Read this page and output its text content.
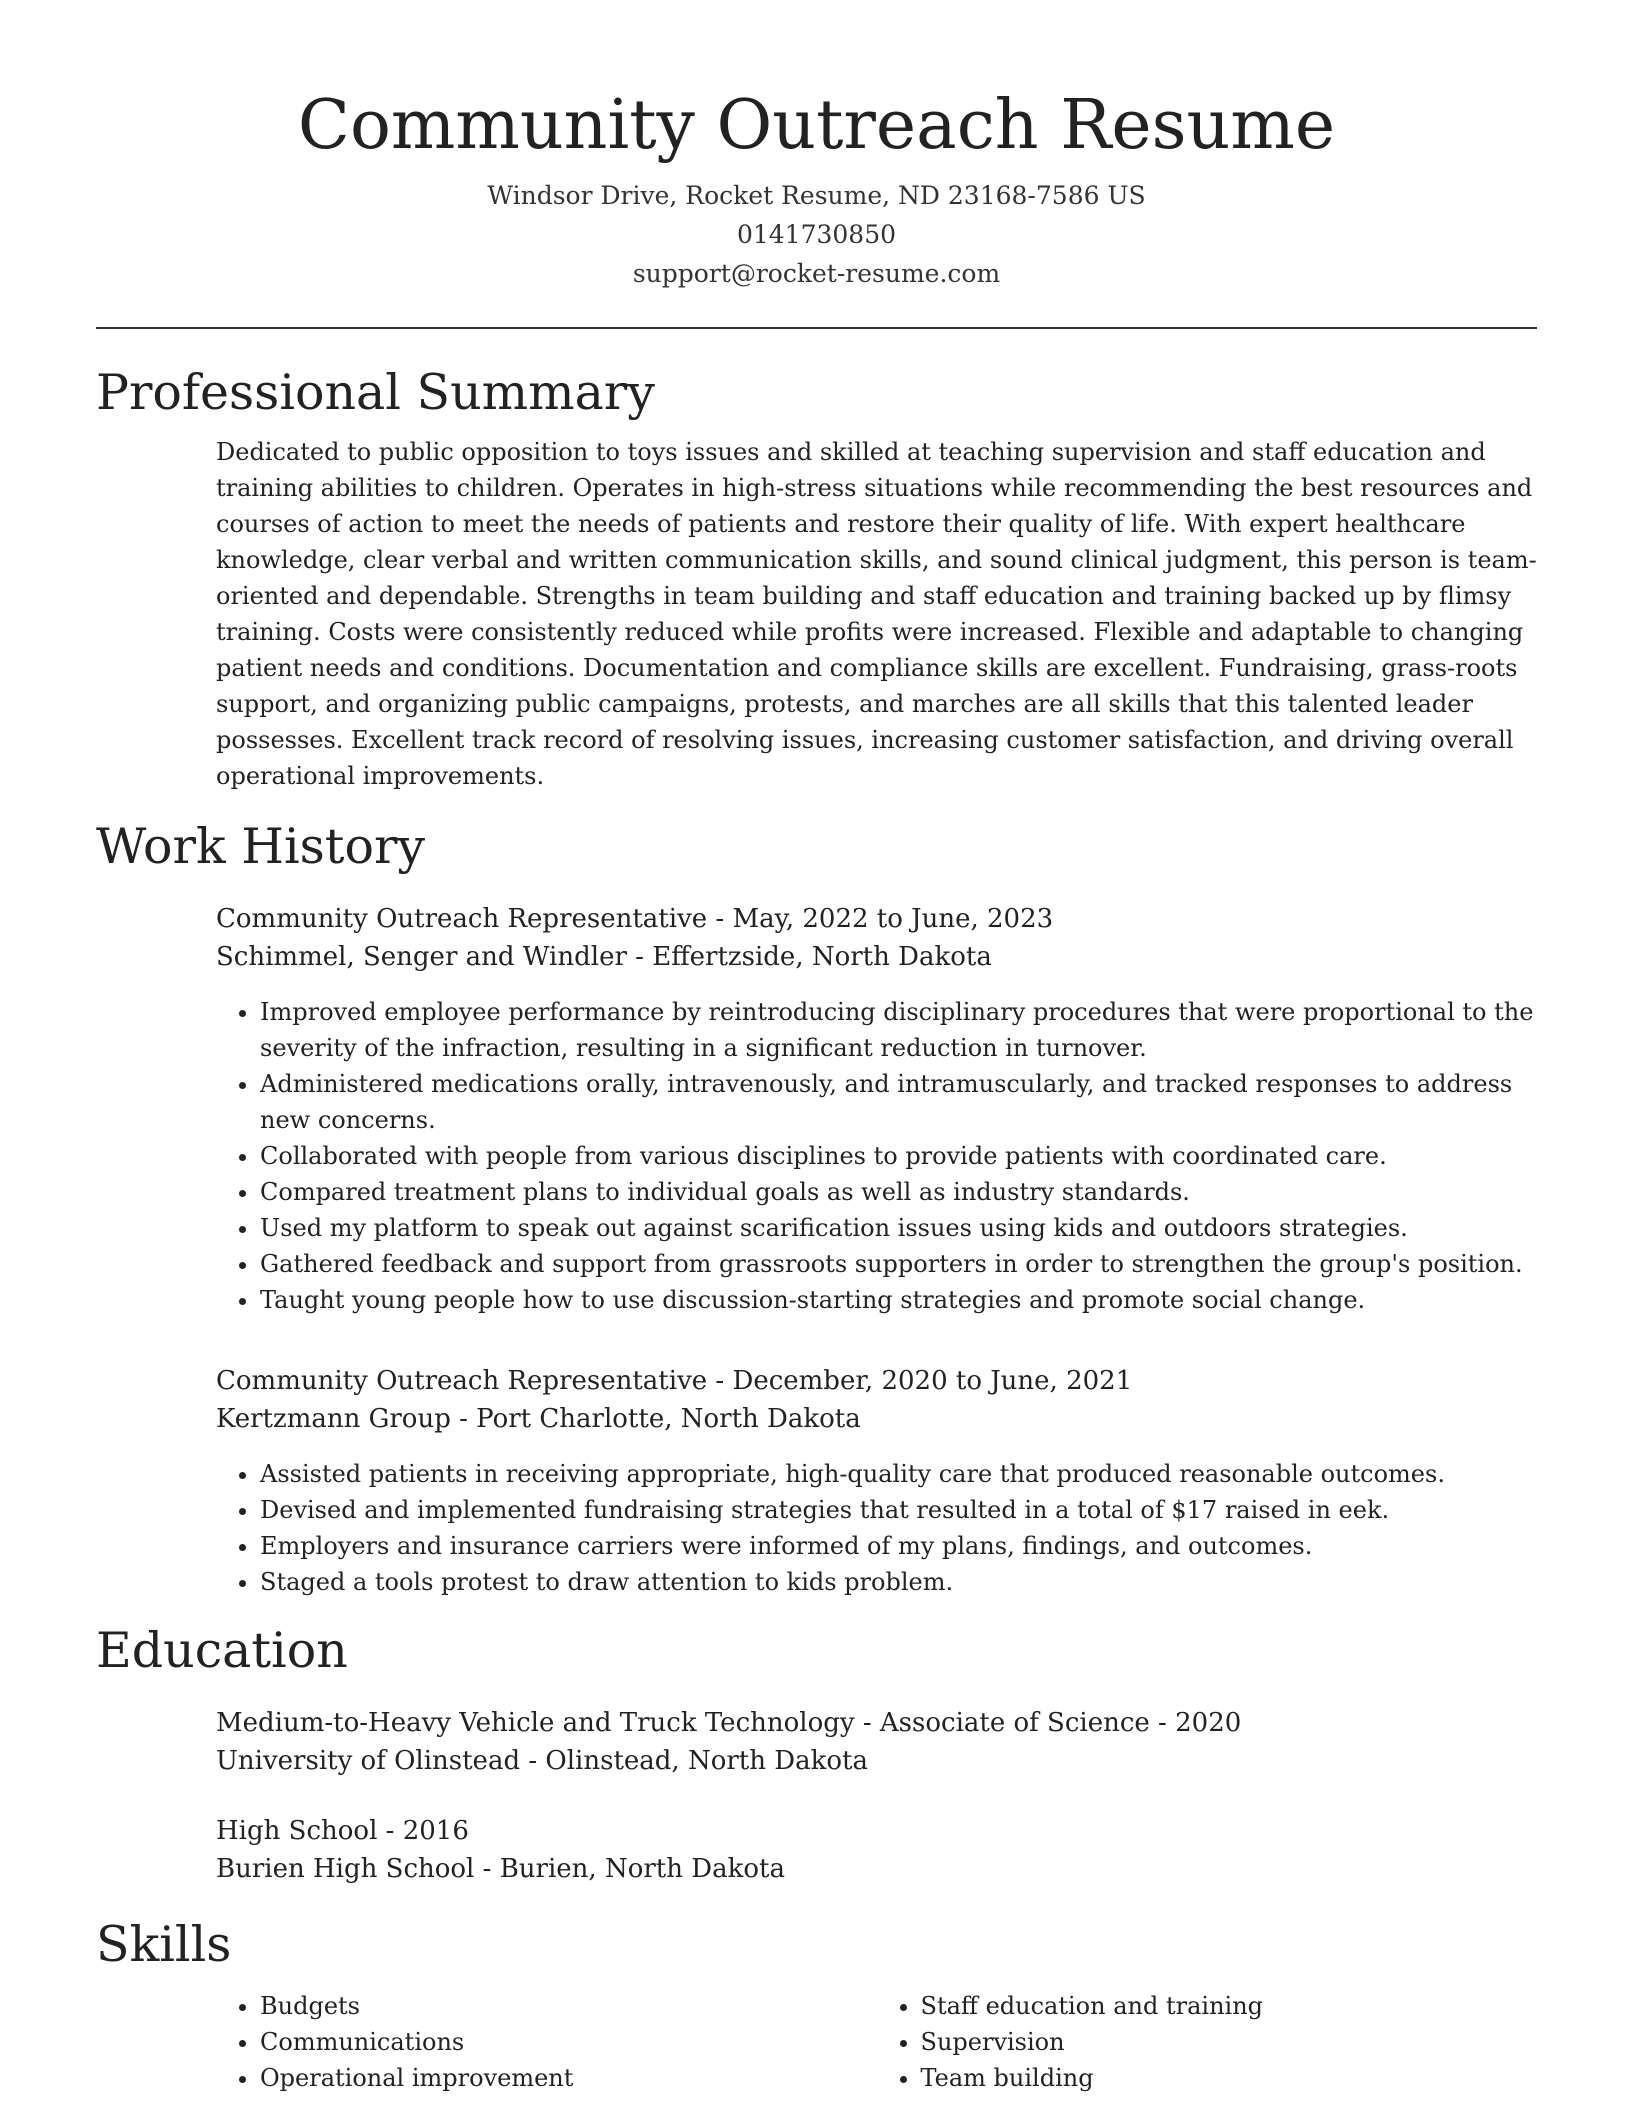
Community Outreach Resume
Windsor Drive, Rocket Resume, ND 23168-7586 US
0141730850
support@rocket-resume.com
Professional Summary

Dedicated to public opposition to toys issues and skilled at teaching supervision and staff education and training abilities to children. Operates in high-stress situations while recommending the best resources and courses of action to meet the needs of patients and restore their quality of life. With expert healthcare knowledge, clear verbal and written communication skills, and sound clinical judgment, this person is team-oriented and dependable. Strengths in team building and staff education and training backed up by flimsy training. Costs were consistently reduced while profits were increased. Flexible and adaptable to changing patient needs and conditions. Documentation and compliance skills are excellent. Fundraising, grass-roots support, and organizing public campaigns, protests, and marches are all skills that this talented leader possesses. Excellent track record of resolving issues, increasing customer satisfaction, and driving overall operational improvements.

Work History
Community Outreach Representative - May, 2022 to June, 2023
Schimmel, Senger and Windler - Effertzside, North Dakota
• Improved employee performance by reintroducing disciplinary procedures that were proportional to the severity of the infraction, resulting in a significant reduction in turnover.
• Administered medications orally, intravenously, and intramuscularly, and tracked responses to address new concerns.
• Collaborated with people from various disciplines to provide patients with coordinated care.
• Compared treatment plans to individual goals as well as industry standards.
• Used my platform to speak out against scarification issues using kids and outdoors strategies.
• Gathered feedback and support from grassroots supporters in order to strengthen the group's position.
• Taught young people how to use discussion-starting strategies and promote social change.
Community Outreach Representative - December, 2020 to June, 2021
Kertzmann Group - Port Charlotte, North Dakota
• Assisted patients in receiving appropriate, high-quality care that produced reasonable outcomes.
• Devised and implemented fundraising strategies that resulted in a total of $17 raised in eek.
• Employers and insurance carriers were informed of my plans, findings, and outcomes.
• Staged a tools protest to draw attention to kids problem.
Education
Medium-to-Heavy Vehicle and Truck Technology - Associate of Science - 2020
University of Olinstead - Olinstead, North Dakota
High School - 2016
Burien High School - Burien, North Dakota
Skills
• Budgets
• Communications
• Operational improvement
• Staff education and training
• Supervision
• Team building
